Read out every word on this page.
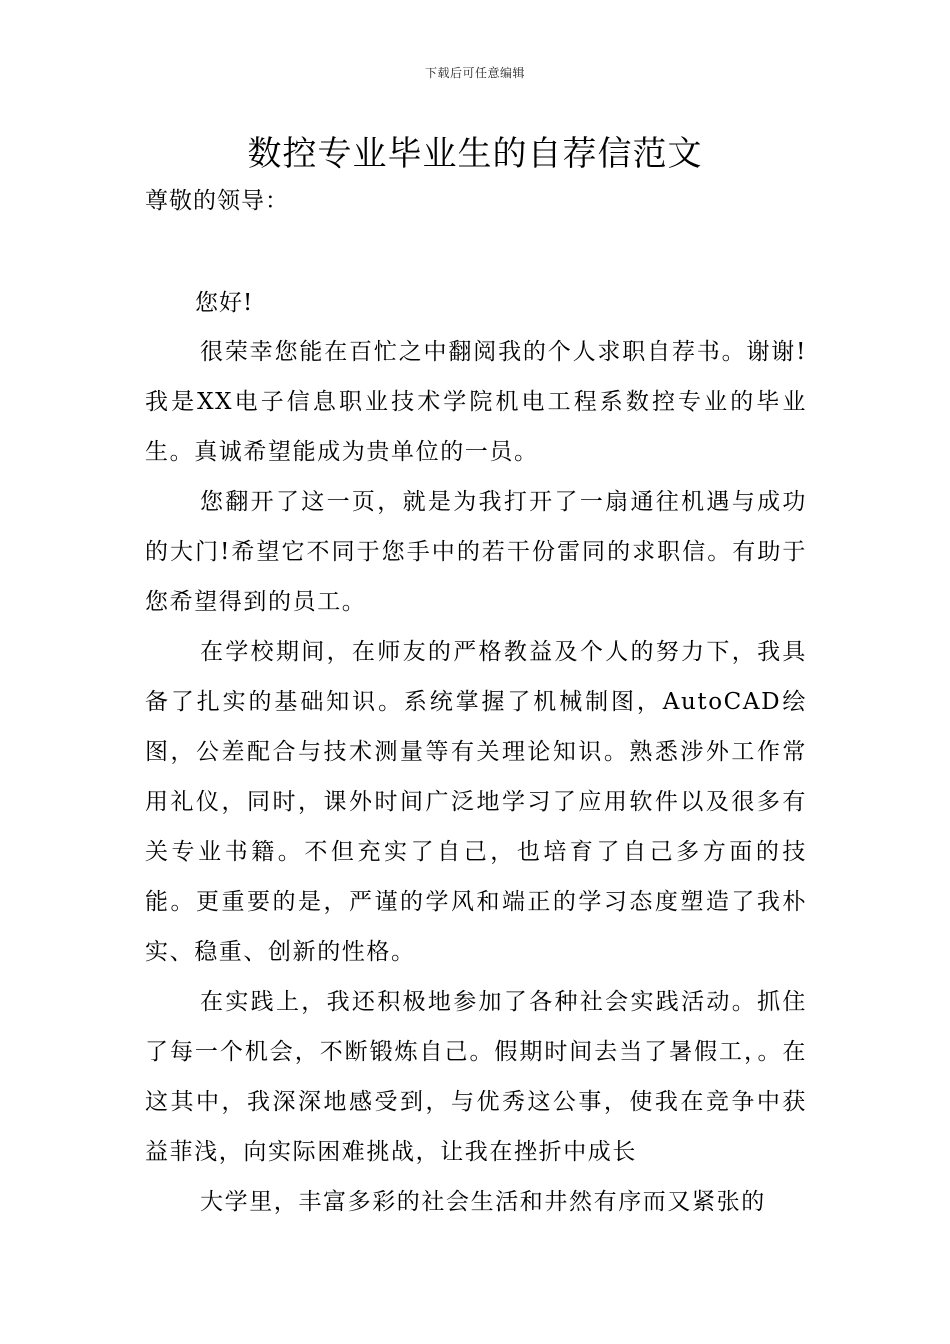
下载后可任意编辑
数控专业毕业生的自荐信范文
尊敬的领导：
您好!

很荣幸您能在百忙之中翻阅我的个人求职自荐书。谢谢!我是XX电子信息职业技术学院机电工程系数控专业的毕业生。真诚希望能成为贵单位的一员。

您翻开了这一页，就是为我打开了一扇通往机遇与成功的大门!希望它不同于您手中的若干份雷同的求职信。有助于您希望得到的员工。

在学校期间，在师友的严格教益及个人的努力下，我具备了扎实的基础知识。系统掌握了机械制图，AutoCAD绘图，公差配合与技术测量等有关理论知识。熟悉涉外工作常用礼仪，同时，课外时间广泛地学习了应用软件以及很多有关专业书籍。不但充实了自己，也培育了自己多方面的技能。更重要的是，严谨的学风和端正的学习态度塑造了我朴实、稳重、创新的性格。

在实践上，我还积极地参加了各种社会实践活动。抓住了每一个机会，不断锻炼自己。假期时间去当了暑假工，。在这其中，我深深地感受到，与优秀这公事，使我在竞争中获益菲浅，向实际困难挑战，让我在挫折中成长

大学里，丰富多彩的社会生活和井然有序而又紧张的
